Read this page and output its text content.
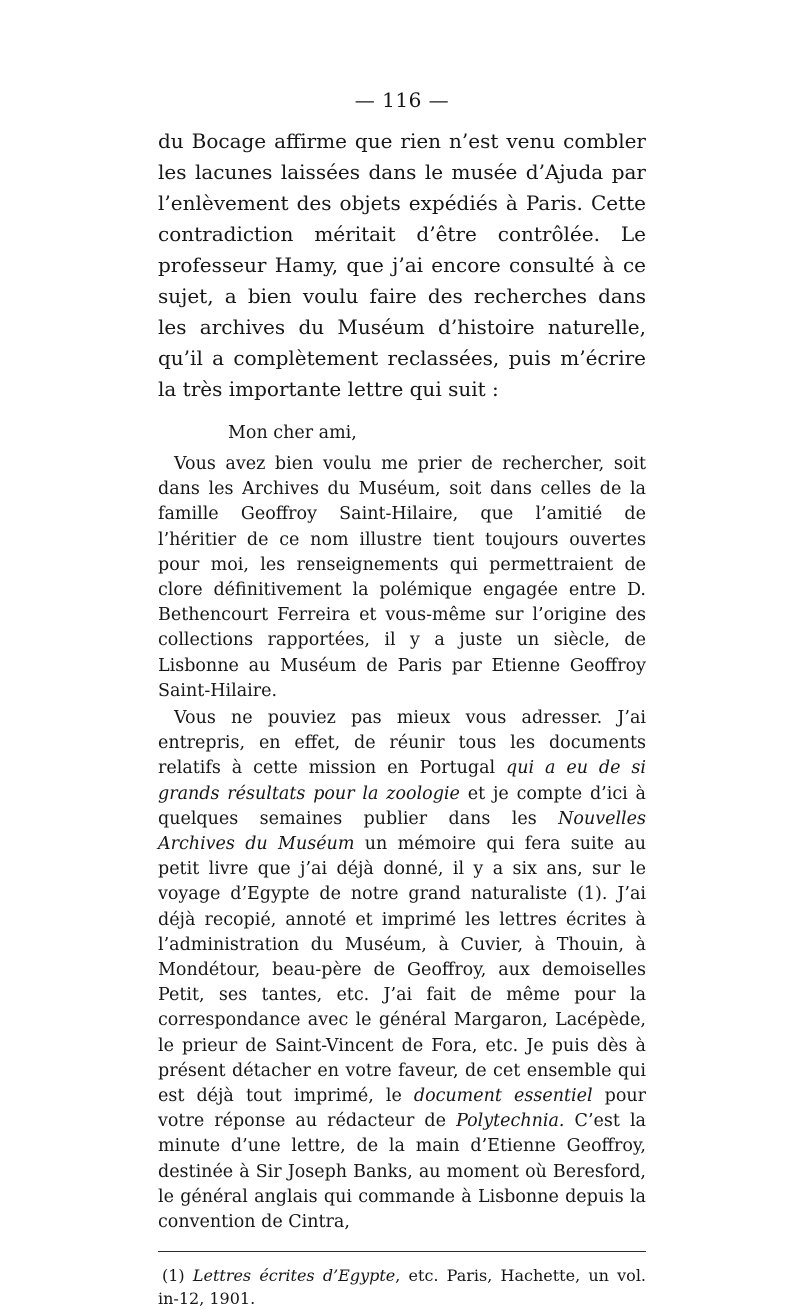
— 116 —

du Bocage affirme que rien n’est venu combler les lacunes laissées dans le musée d’Ajuda par l’enlèvement des objets expédiés à Paris. Cette contradiction méritait d’être contrôlée. Le professeur Hamy, que j’ai encore consulté à ce sujet, a bien voulu faire des recherches dans les archives du Muséum d’histoire naturelle, qu’il a complètement reclassées, puis m’écrire la très importante lettre qui suit :

Mon cher ami,

Vous avez bien voulu me prier de rechercher, soit dans les Archives du Muséum, soit dans celles de la famille Geoffroy Saint-Hilaire, que l’amitié de l’héritier de ce nom illustre tient toujours ouvertes pour moi, les renseignements qui permettraient de clore définitivement la polémique engagée entre D. Bethencourt Ferreira et vous-même sur l’origine des collections rapportées, il y a juste un siècle, de Lisbonne au Muséum de Paris par Etienne Geoffroy Saint-Hilaire.

Vous ne pouviez pas mieux vous adresser. J’ai entrepris, en effet, de réunir tous les documents relatifs à cette mission en Portugal qui a eu de si grands résultats pour la zoologie et je compte d’ici à quelques semaines publier dans les Nouvelles Archives du Muséum un mémoire qui fera suite au petit livre que j’ai déjà donné, il y a six ans, sur le voyage d’Egypte de notre grand naturaliste (1). J’ai déjà recopié, annoté et imprimé les lettres écrites à l’administration du Muséum, à Cuvier, à Thouin, à Mondétour, beau-père de Geoffroy, aux demoiselles Petit, ses tantes, etc. J’ai fait de même pour la correspondance avec le général Margaron, Lacépède, le prieur de Saint-Vincent de Fora, etc. Je puis dès à présent détacher en votre faveur, de cet ensemble qui est déjà tout imprimé, le document essentiel pour votre réponse au rédacteur de Polytechnia. C’est la minute d’une lettre, de la main d’Etienne Geoffroy, destinée à Sir Joseph Banks, au moment où Beresford, le général anglais qui commande à Lisbonne depuis la convention de Cintra,

(1) Lettres écrites d’Egypte, etc. Paris, Hachette, un vol. in-12, 1901.
